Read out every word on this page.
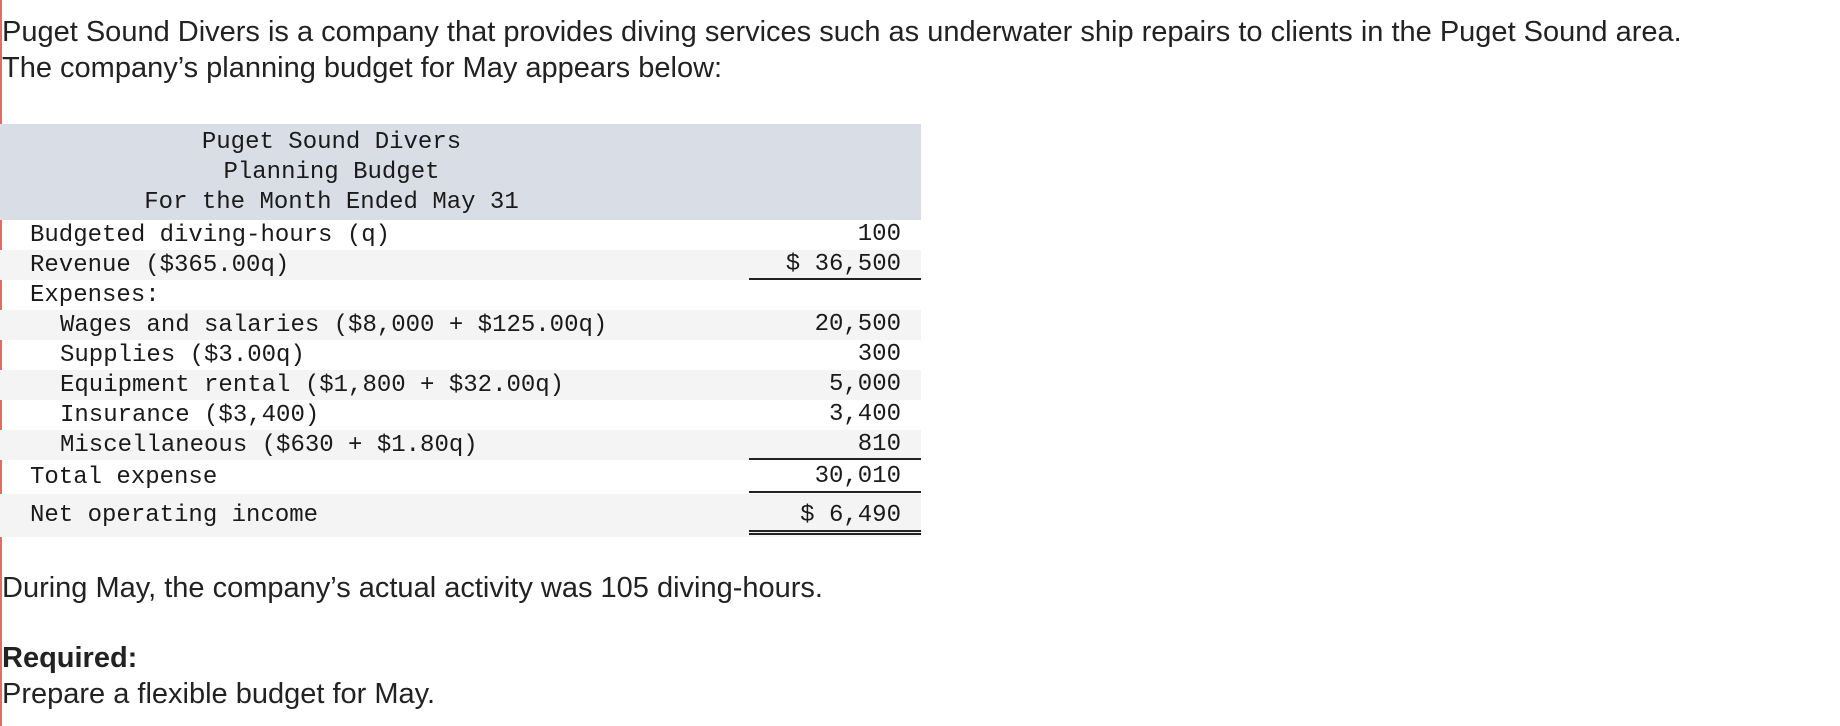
Puget Sound Divers is a company that provides diving services such as underwater ship repairs to clients in the Puget Sound area.
The company’s planning budget for May appears below:
Puget Sound Divers
Planning Budget
For the Month Ended May 31
Budgeted diving-hours (q)	100
Revenue ($365.00q)	$ 36,500
Expenses:
Wages and salaries ($8,000 + $125.00q)	20,500
Supplies ($3.00q)	300
Equipment rental ($1,800 + $32.00q)	5,000
Insurance ($3,400)	3,400
Miscellaneous ($630 + $1.80q)	810
Total expense	30,010
Net operating income	$ 6,490
During May, the company’s actual activity was 105 diving-hours.
Required:
Prepare a flexible budget for May.
